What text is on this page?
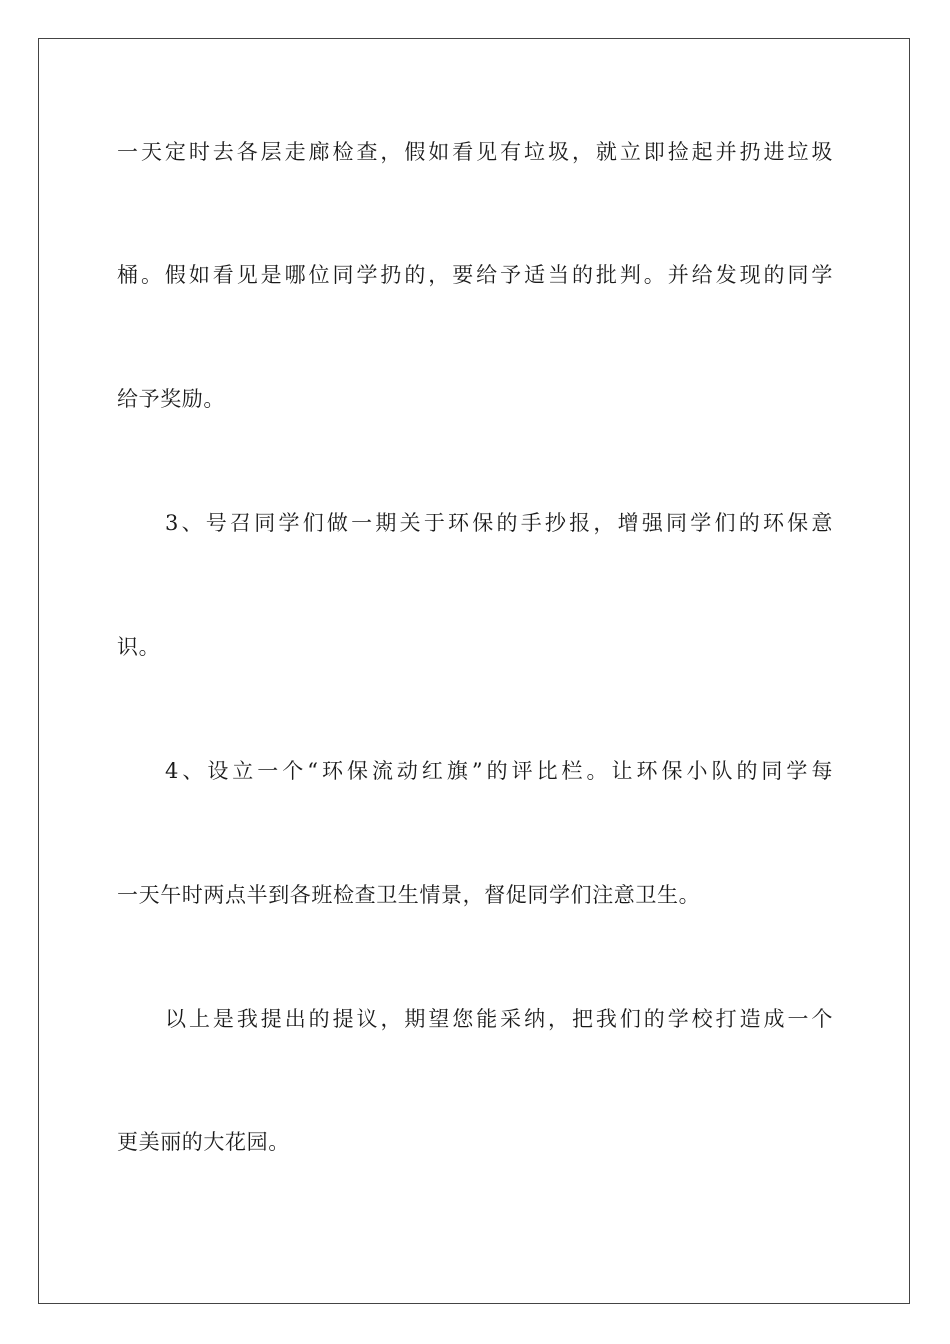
一天定时去各层走廊检查，假如看见有垃圾，就立即捡起并扔进垃圾
桶。假如看见是哪位同学扔的，要给予适当的批判。并给发现的同学
给予奖励。
3、号召同学们做一期关于环保的手抄报，增强同学们的环保意
识。
4、设立一个“环保流动红旗”的评比栏。让环保小队的同学每
一天午时两点半到各班检查卫生情景，督促同学们注意卫生。
以上是我提出的提议，期望您能采纳，把我们的学校打造成一个
更美丽的大花园。
